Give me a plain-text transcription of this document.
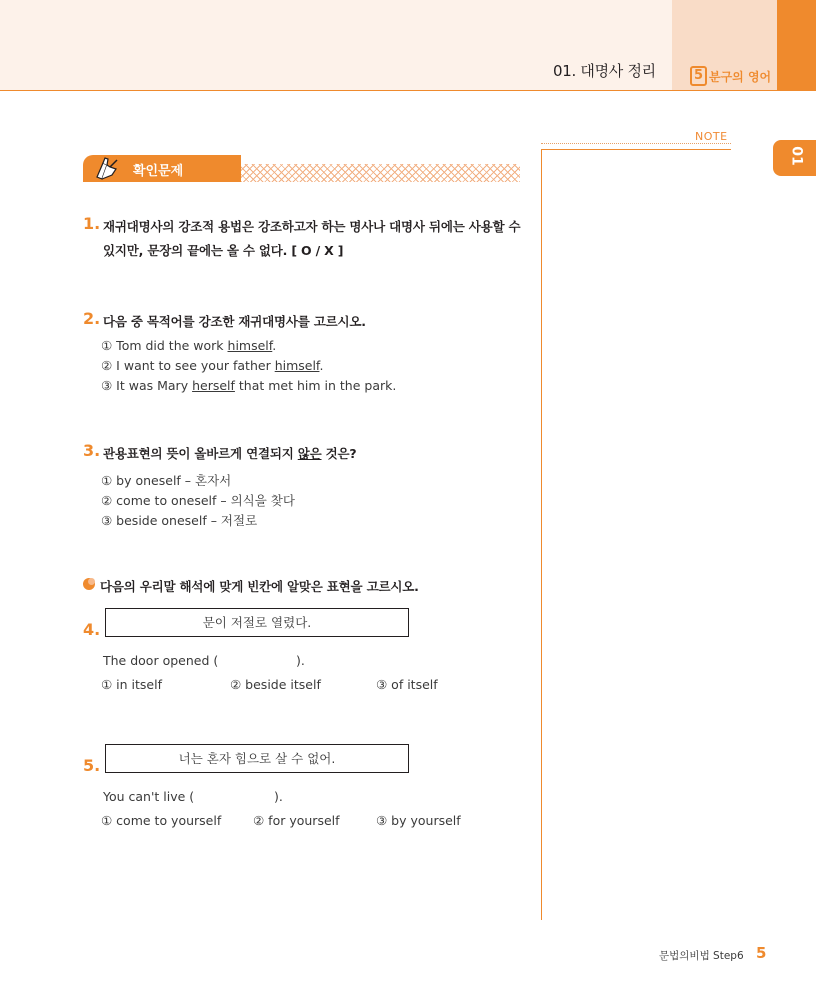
01. 대명사 정리	5 분구의 영어
01
NOTE
확인문제
1. 재귀대명사의 강조적 용법은 강조하고자 하는 명사나 대명사 뒤에는 사용할 수
있지만, 문장의 끝에는 올 수 없다. [ O / X ]
2. 다음 중 목적어를 강조한 재귀대명사를 고르시오.
① Tom did the work himself.
② I want to see your father himself.
③ It was Mary herself that met him in the park.
3. 관용표현의 뜻이 올바르게 연결되지 않은 것은?
① by oneself – 혼자서
② come to oneself – 의식을 찾다
③ beside oneself – 저절로
다음의 우리말 해석에 맞게 빈칸에 알맞은 표현을 고르시오.
4.	문이 저절로 열렸다.
The door opened (	).
① in itself	② beside itself	③ of itself
5.	너는 혼자 힘으로 살 수 없어.
You can't live (	).
① come to yourself	② for yourself	③ by yourself
문법의비법 Step6 5
